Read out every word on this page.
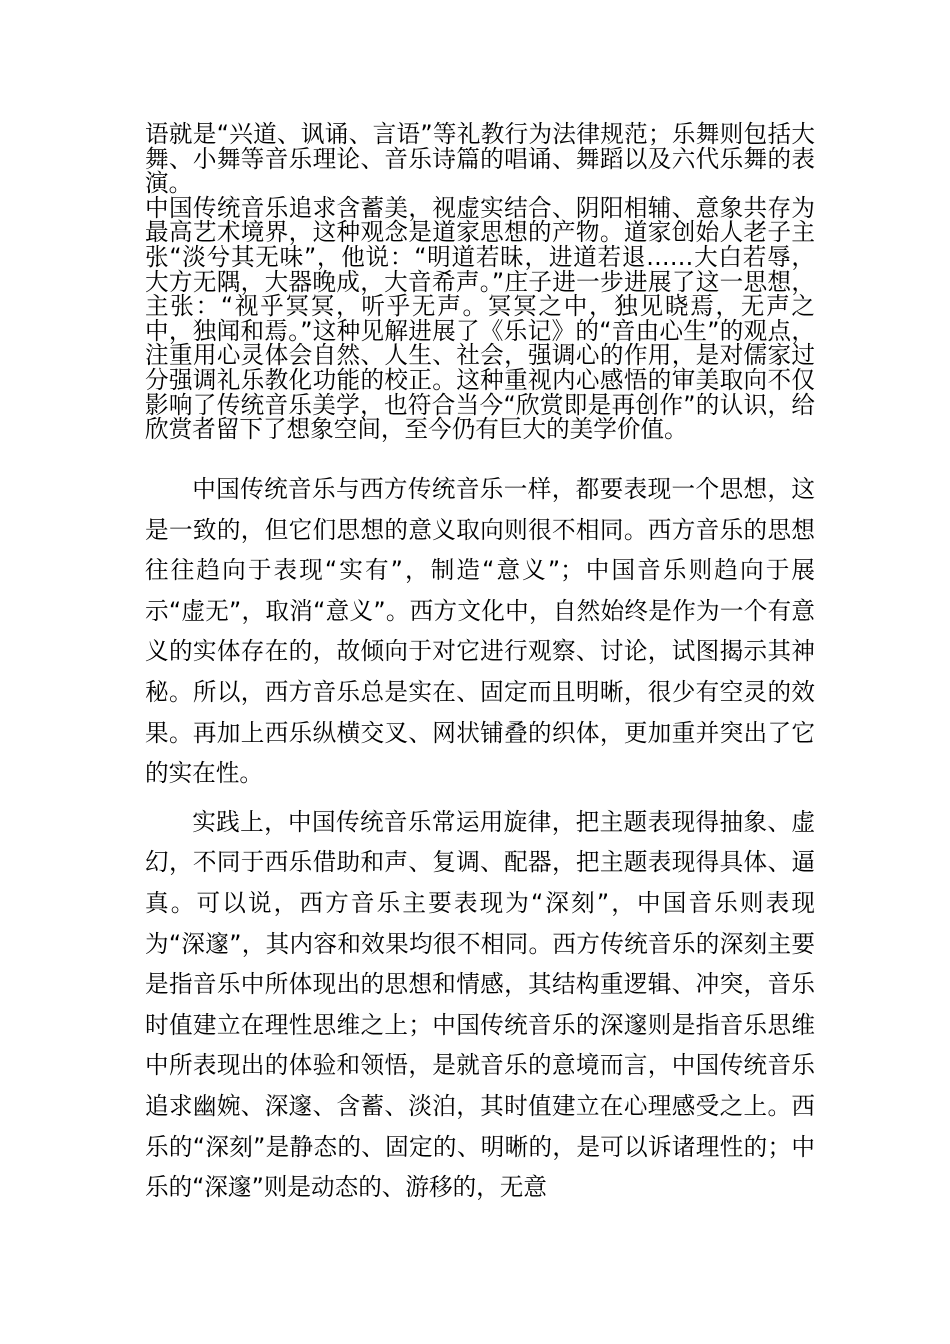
语就是“兴道、讽诵、言语”等礼教行为法律规范；乐舞则包括大舞、小舞等音乐理论、音乐诗篇的唱诵、舞蹈以及六代乐舞的表演。

中国传统音乐追求含蓄美，视虚实结合、阴阳相辅、意象共存为最高艺术境界，这种观念是道家思想的产物。道家创始人老子主张“淡兮其无味”，他说：“明道若昧，进道若退……大白若辱，大方无隅，大器晚成，大音希声。”庄子进一步进展了这一思想，主张：“视乎冥冥，听乎无声。冥冥之中，独见晓焉，无声之中，独闻和焉。”这种见解进展了《乐记》的“音由心生”的观点，注重用心灵体会自然、人生、社会，强调心的作用，是对儒家过分强调礼乐教化功能的校正。这种重视内心感悟的审美取向不仅影响了传统音乐美学，也符合当今“欣赏即是再创作”的认识，给欣赏者留下了想象空间，至今仍有巨大的美学价值。

中国传统音乐与西方传统音乐一样，都要表现一个思想，这是一致的，但它们思想的意义取向则很不相同。西方音乐的思想往往趋向于表现“实有”，制造“意义”；中国音乐则趋向于展示“虚无”，取消“意义”。西方文化中，自然始终是作为一个有意义的实体存在的，故倾向于对它进行观察、讨论，试图揭示其神秘。所以，西方音乐总是实在、固定而且明晰，很少有空灵的效果。再加上西乐纵横交叉、网状铺叠的织体，更加重并突出了它的实在性。

实践上，中国传统音乐常运用旋律，把主题表现得抽象、虚幻，不同于西乐借助和声、复调、配器，把主题表现得具体、逼真。可以说，西方音乐主要表现为“深刻”，中国音乐则表现为“深邃”，其内容和效果均很不相同。西方传统音乐的深刻主要是指音乐中所体现出的思想和情感，其结构重逻辑、冲突，音乐时值建立在理性思维之上；中国传统音乐的深邃则是指音乐思维中所表现出的体验和领悟，是就音乐的意境而言，中国传统音乐追求幽婉、深邃、含蓄、淡泊，其时值建立在心理感受之上。西乐的“深刻”是静态的、固定的、明晰的，是可以诉诸理性的；中乐的“深邃”则是动态的、游移的，无意
